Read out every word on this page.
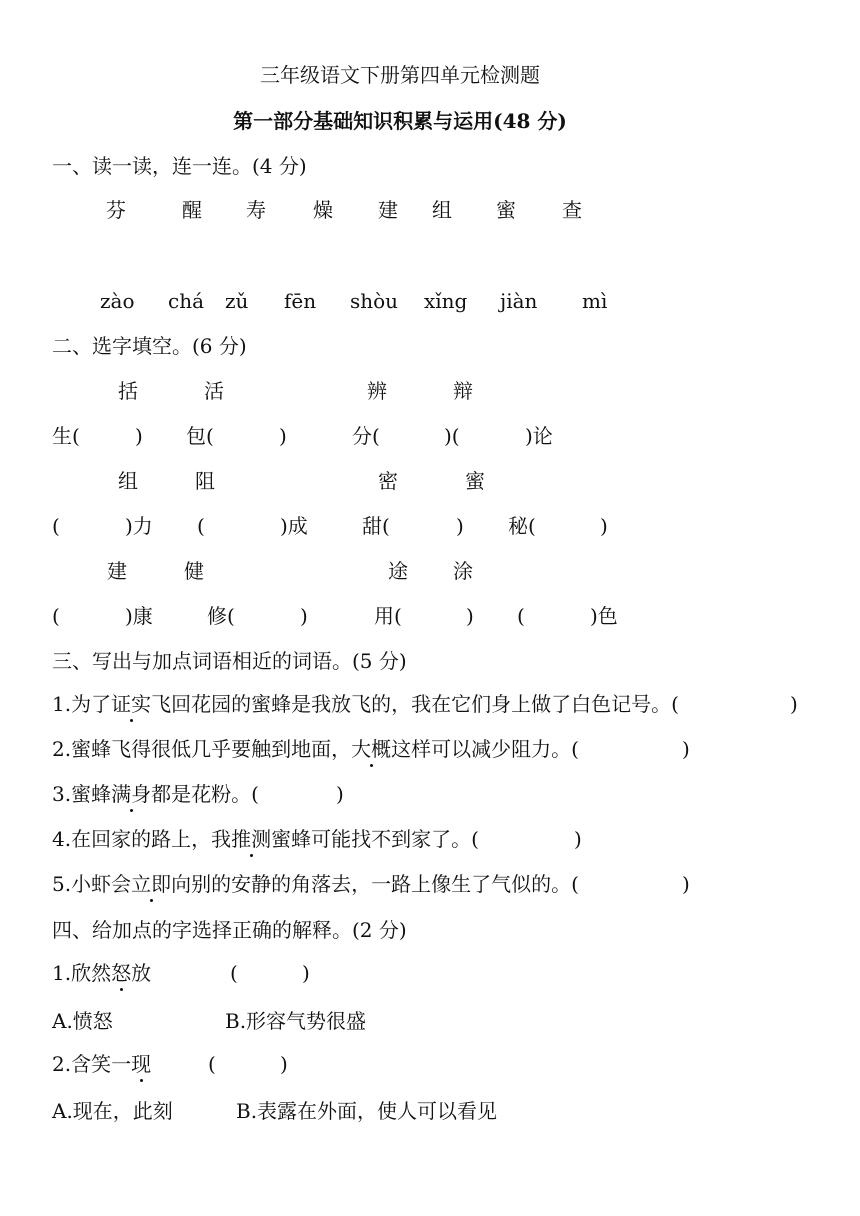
三年级语文下册第四单元检测题
第一部分基础知识积累与运用(48 分)
一、读一读，连一连。(4 分)
芬	醒 寿 燥 建 组 蜜 查
zào chá zǔ fēn shòu xǐng jiàn mì
二、选字填空。(6 分)
括	活	辨	辩
生(	) 包(	)	分(	)(	)论
组	阻	密	蜜
(	)力 (	)成	甜(	) 秘(	)
建	健	途 涂
(	)康	修(	)	用(	) (	)色
三、写出与加点词语相近的词语。(5 分)
1.为了证实飞回花园的蜜蜂是我放飞的，我在它们身上做了白色记号。(	)
2.蜜蜂飞得很低几乎要触到地面，大概这样可以减少阻力。(	)
3.蜜蜂满身都是花粉。(	)
4.在回家的路上，我推测蜜蜂可能找不到家了。(	)
5.小虾会立即向别的安静的角落去，一路上像生了气似的。(	)
四、给加点的字选择正确的解释。(2 分)
1.欣然怒放	(	)
A.愤怒	B.形容气势很盛
2.含笑一现	(	)
A.现在，此刻	B.表露在外面，使人可以看见
